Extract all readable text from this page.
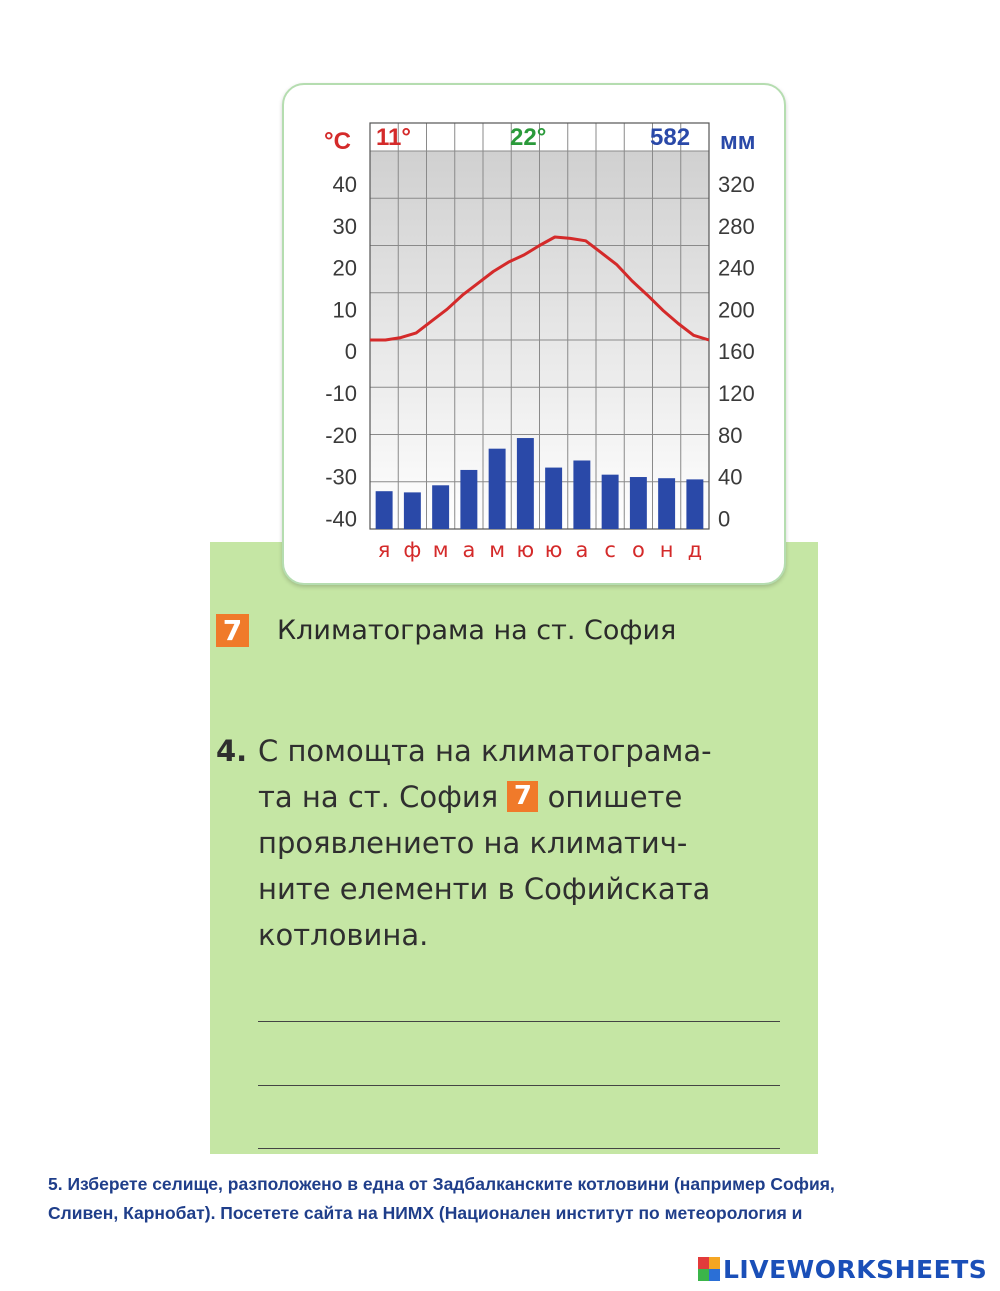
°C 11°	22°	582 мм
40
30
20
10
0
-10
-20
-30
-40
320
280
240
200
160
120
80
40
0
я ф м а м ю ю а с о н д
7 Климатограма на ст. София
4. С помощта на климатограма-
та на ст. София 7 опишете
проявлението на климатич-
ните елементи в Софийската
котловина.
5. Изберете селище, разположено в една от Задбалканските котловини (например София,
Сливен, Карнобат). Посетете сайта на НИМХ (Национален институт по метеорология и
LIVEWORKSHEETS
